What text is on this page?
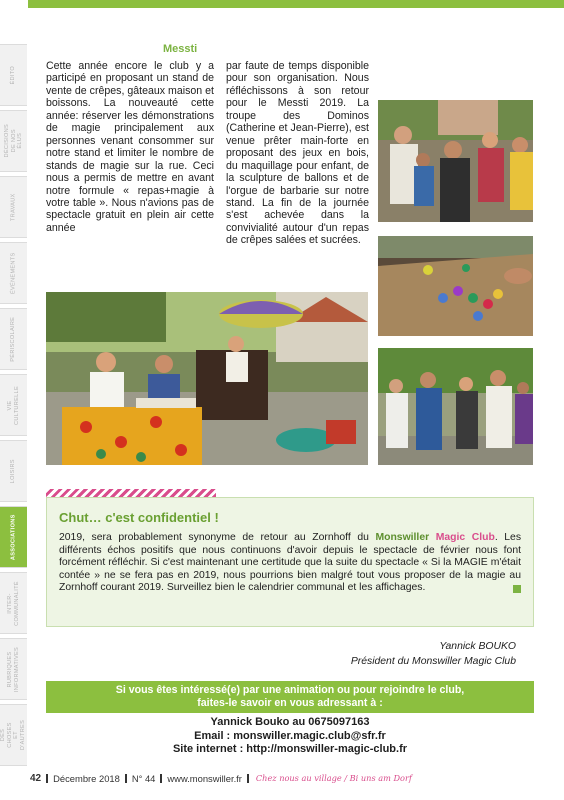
ÉDITO
DÉCISIONS DE NOS ÉLUS
TRAVAUX
ÉVÉNEMENTS
PÉRISCOLAIRE
VIE CULTURELLE
LOISIRS
ASSOCIATIONS
INTER-COMMUNALITÉ
RUBRIQUES INFORMATIVES
DES CHOSES ET D'AUTRES
Messti

Cette année encore le club y a participé en proposant un stand de vente de crêpes, gâteaux maison et boissons. La nouveauté cette année: réserver les démonstrations de magie principalement aux personnes venant consommer sur notre stand et limiter le nombre de stands de magie sur la rue. Ceci nous a permis de mettre en avant notre formule « repas+magie à votre table ». Nous n'avions pas de spectacle gratuit en plein air cette année

par faute de temps disponible pour son organisation. Nous réfléchissons à son retour pour le Messti 2019. La troupe des Dominos (Catherine et Jean-Pierre), est venue prêter main-forte en proposant des jeux en bois, du maquillage pour enfant, de la sculpture de ballons et de l'orgue de barbarie sur notre stand. La fin de la journée s'est achevée dans la convivialité autour d'un repas de crêpes salées et sucrées.

Chut… c'est confidentiel !

2019, sera probablement synonyme de retour au Zornhoff du Monswiller Magic Club. Les différents échos positifs que nous continuons d'avoir depuis le spectacle de février nous font forcément réfléchir. Si c'est maintenant une certitude que la suite du spectacle « Si la MAGIE m'était contée » ne se fera pas en 2019, nous pourrions bien malgré tout vous proposer de la magie au Zornhoff courant 2019. Surveillez bien le calendrier communal et les affichages.

Yannick BOUKO
Président du Monswiller Magic Club
Si vous êtes intéressé(e) par une animation ou pour rejoindre le club,
faites-le savoir en vous adressant à :
Yannick Bouko au 0675097163
Email : monswiller.magic.club@sfr.fr
Site internet : http://monswiller-magic-club.fr
42 Décembre 2018 N° 44 www.monswiller.fr Chez nous au village / Bi uns am Dorf
